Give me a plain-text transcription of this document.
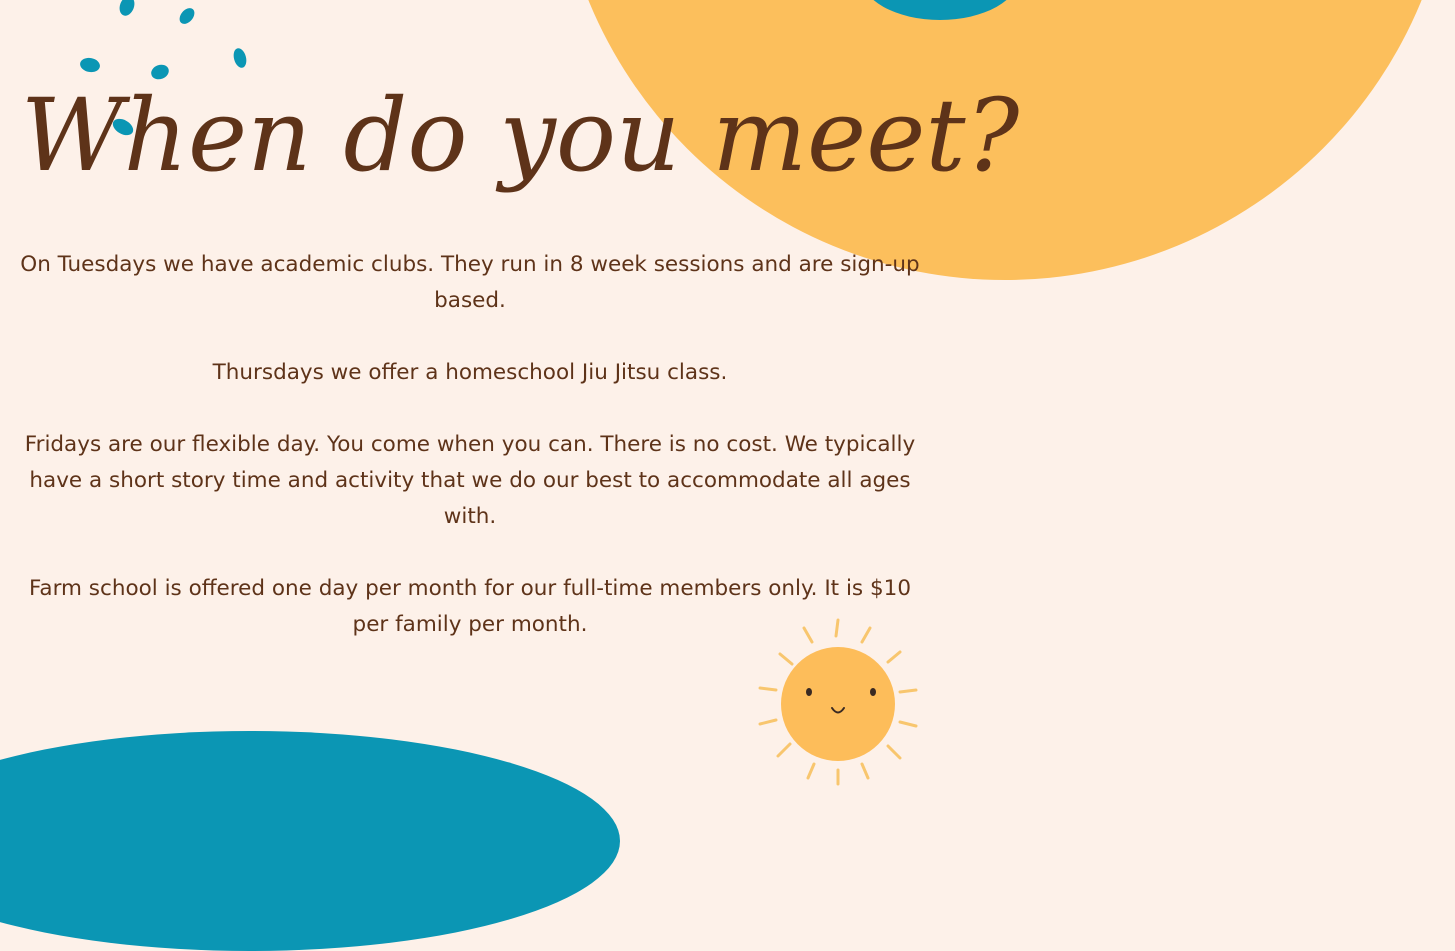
When do you meet?

On Tuesdays we have academic clubs. They run in 8 week sessions and are sign-up based.

Thursdays we offer a homeschool Jiu Jitsu class.

Fridays are our flexible day. You come when you can. There is no cost. We typically have a short story time and activity that we do our best to accommodate all ages with.

Farm school is offered one day per month for our full-time members only. It is $10 per family per month.
